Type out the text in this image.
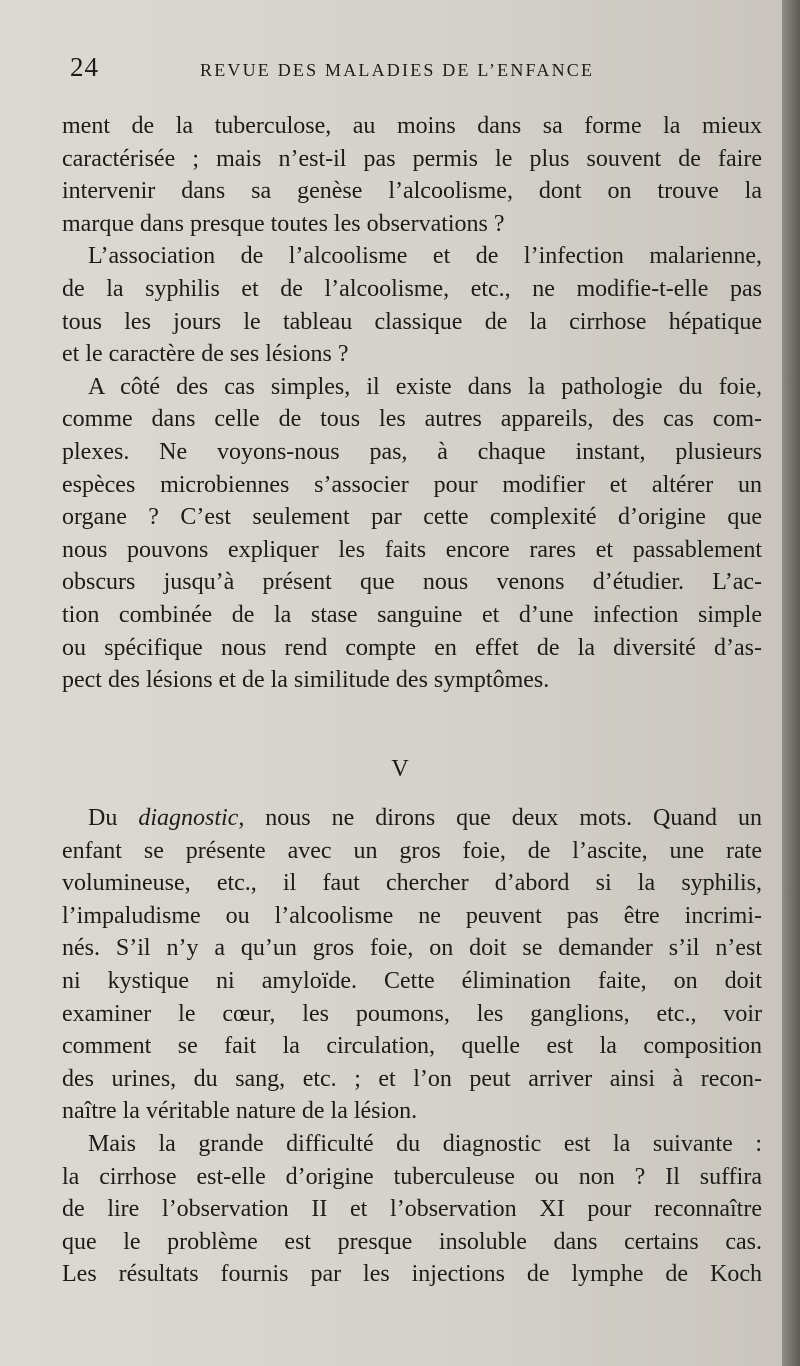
24	REVUE DES MALADIES DE L’ENFANCE
ment de la tuberculose, au moins dans sa forme la mieux
caractérisée ; mais n’est-il pas permis le plus souvent de faire
intervenir dans sa genèse l’alcoolisme, dont on trouve la
marque dans presque toutes les observations ?
L’association de l’alcoolisme et de l’infection malarienne,
de la syphilis et de l’alcoolisme, etc., ne modifie-t-elle pas
tous les jours le tableau classique de la cirrhose hépatique
et le caractère de ses lésions ?
A côté des cas simples, il existe dans la pathologie du foie,
comme dans celle de tous les autres appareils, des cas com-
plexes. Ne voyons-nous pas, à chaque instant, plusieurs
espèces microbiennes s’associer pour modifier et altérer un
organe ? C’est seulement par cette complexité d’origine que
nous pouvons expliquer les faits encore rares et passablement
obscurs jusqu’à présent que nous venons d’étudier. L’ac-
tion combinée de la stase sanguine et d’une infection simple
ou spécifique nous rend compte en effet de la diversité d’as-
pect des lésions et de la similitude des symptômes.
V
Du diagnostic, nous ne dirons que deux mots. Quand un
enfant se présente avec un gros foie, de l’ascite, une rate
volumineuse, etc., il faut chercher d’abord si la syphilis,
l’impaludisme ou l’alcoolisme ne peuvent pas être incrimi-
nés. S’il n’y a qu’un gros foie, on doit se demander s’il n’est
ni kystique ni amyloïde. Cette élimination faite, on doit
examiner le cœur, les poumons, les ganglions, etc., voir
comment se fait la circulation, quelle est la composition
des urines, du sang, etc. ; et l’on peut arriver ainsi à recon-
naître la véritable nature de la lésion.
Mais la grande difficulté du diagnostic est la suivante :
la cirrhose est-elle d’origine tuberculeuse ou non ? Il suffira
de lire l’observation II et l’observation XI pour reconnaître
que le problème est presque insoluble dans certains cas.
Les résultats fournis par les injections de lymphe de Koch
